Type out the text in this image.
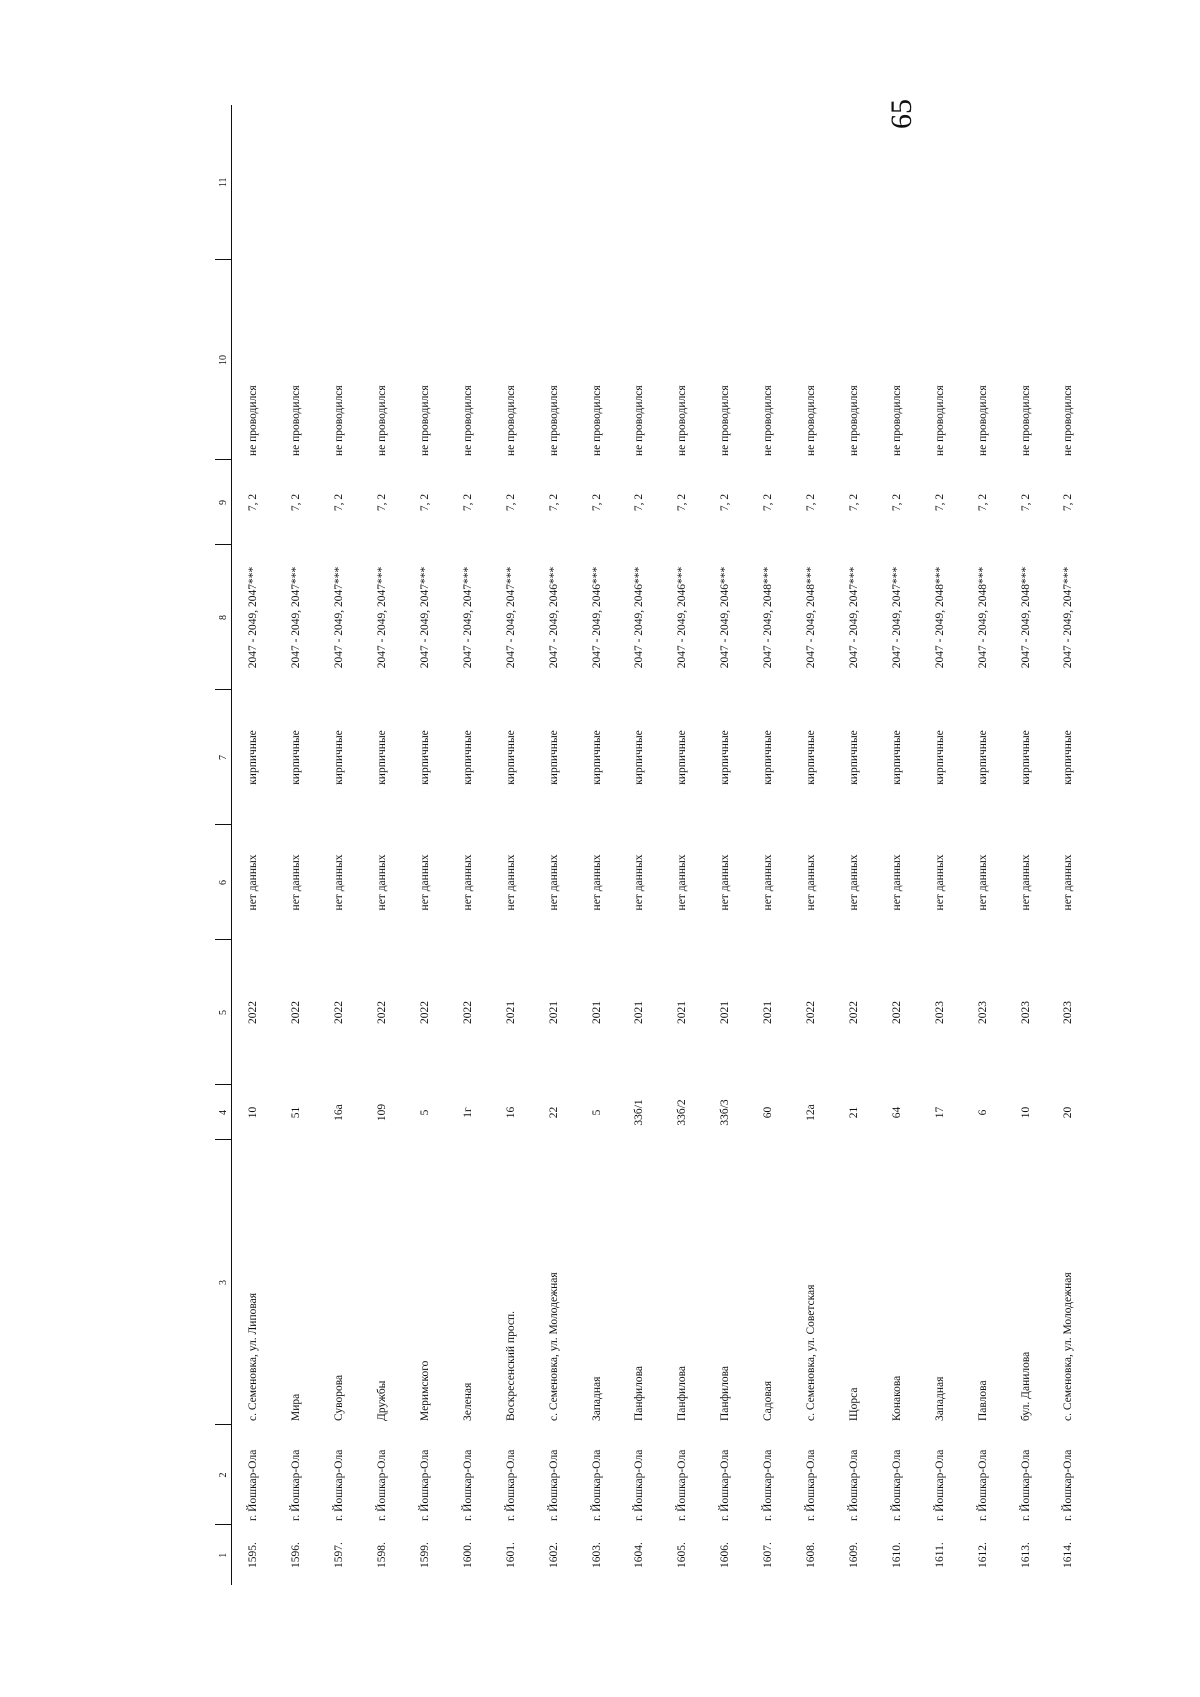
65
1	2	3	4	5	6	7	8	9	10	11
1595.	г. Йошкар-Ола	с. Семеновка, ул. Липовая	10	2022	нет данных	кирпичные	2047 - 2049, 2047***	7, 2	не проводился	
1596.	г. Йошкар-Ола	Мира	51	2022	нет данных	кирпичные	2047 - 2049, 2047***	7, 2	не проводился	
1597.	г. Йошкар-Ола	Суворова	16а	2022	нет данных	кирпичные	2047 - 2049, 2047***	7, 2	не проводился	
1598.	г. Йошкар-Ола	Дружбы	109	2022	нет данных	кирпичные	2047 - 2049, 2047***	7, 2	не проводился	
1599.	г. Йошкар-Ола	Меримского	5	2022	нет данных	кирпичные	2047 - 2049, 2047***	7, 2	не проводился	
1600.	г. Йошкар-Ола	Зеленая	1г	2022	нет данных	кирпичные	2047 - 2049, 2047***	7, 2	не проводился	
1601.	г. Йошкар-Ола	Воскресенский просп.	16	2021	нет данных	кирпичные	2047 - 2049, 2047***	7, 2	не проводился	
1602.	г. Йошкар-Ола	с. Семеновка, ул. Молодежная	22	2021	нет данных	кирпичные	2047 - 2049, 2046***	7, 2	не проводился	
1603.	г. Йошкар-Ола	Западная	5	2021	нет данных	кирпичные	2047 - 2049, 2046***	7, 2	не проводился	
1604.	г. Йошкар-Ола	Панфилова	33б/1	2021	нет данных	кирпичные	2047 - 2049, 2046***	7, 2	не проводился	
1605.	г. Йошкар-Ола	Панфилова	33б/2	2021	нет данных	кирпичные	2047 - 2049, 2046***	7, 2	не проводился	
1606.	г. Йошкар-Ола	Панфилова	33б/3	2021	нет данных	кирпичные	2047 - 2049, 2046***	7, 2	не проводился	
1607.	г. Йошкар-Ола	Садовая	60	2021	нет данных	кирпичные	2047 - 2049, 2048***	7, 2	не проводился	
1608.	г. Йошкар-Ола	с. Семеновка, ул. Советская	12а	2022	нет данных	кирпичные	2047 - 2049, 2048***	7, 2	не проводился	
1609.	г. Йошкар-Ола	Щорса	21	2022	нет данных	кирпичные	2047 - 2049, 2047***	7, 2	не проводился	
1610.	г. Йошкар-Ола	Конакова	64	2022	нет данных	кирпичные	2047 - 2049, 2047***	7, 2	не проводился	
1611.	г. Йошкар-Ола	Западная	17	2023	нет данных	кирпичные	2047 - 2049, 2048***	7, 2	не проводился	
1612.	г. Йошкар-Ола	Павлова	6	2023	нет данных	кирпичные	2047 - 2049, 2048***	7, 2	не проводился	
1613.	г. Йошкар-Ола	бул. Данилова	10	2023	нет данных	кирпичные	2047 - 2049, 2048***	7, 2	не проводился	
1614.	г. Йошкар-Ола	с. Семеновка, ул. Молодежная	20	2023	нет данных	кирпичные	2047 - 2049, 2047***	7, 2	не проводился	
